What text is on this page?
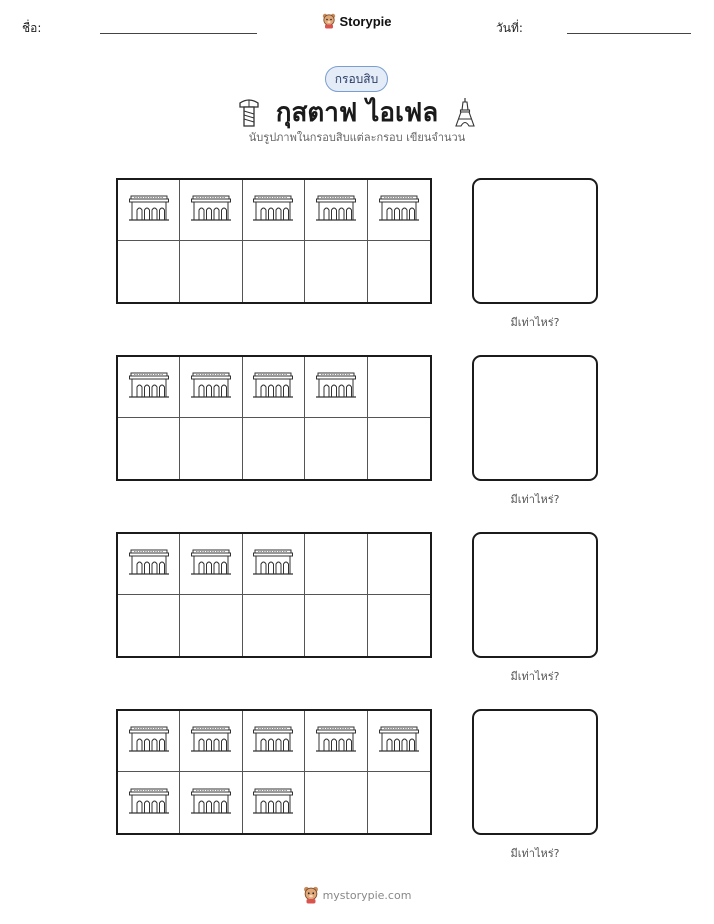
ชื่อ:	Storypie	วันที่:
กรอบสิบ
กุสตาฟ ไอเฟล
นับรูปภาพในกรอบสิบแต่ละกรอบ เขียนจำนวน
มีเท่าไหร่?
มีเท่าไหร่?
มีเท่าไหร่?
มีเท่าไหร่?
mystorypie.com
